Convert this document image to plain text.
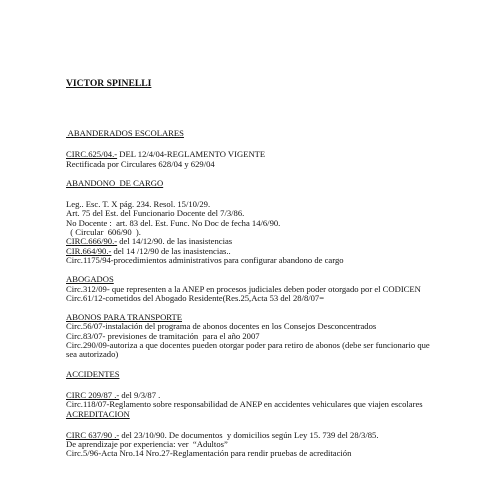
VICTOR SPINELLI
ABANDERADOS ESCOLARES
CIRC.625/04.- DEL 12/4/04-REGLAMENTO VIGENTE
Rectificada por Circulares 628/04 y 629/04
ABANDONO  DE CARGO
Leg.. Esc. T. X pág. 234. Resol. 15/10/29.
Art. 75 del Est. del Funcionario Docente del 7/3/86.
No Docente :  art. 83 del. Est. Func. No Doc de fecha 14/6/90.
( Circular  606/90  ).
CIRC.666/90.- del 14/12/90. de las inasistencias
CIR.664/90.- del 14 /12/90 de las inasistencias..
Circ.1175/94-procedimientos administrativos para configurar abandono de cargo
ABOGADOS
Circ.312/09- que representen a la ANEP en procesos judiciales deben poder otorgado por el CODICEN
Circ.61/12-cometidos del Abogado Residente(Res.25,Acta 53 del 28/8/07=
ABONOS PARA TRANSPORTE
Circ.56/07-instalación del programa de abonos docentes en los Consejos Desconcentrados
Circ.83/07- previsiones de tramitación  para el año 2007
Circ.290/09-autoriza a que docentes pueden otorgar poder para retiro de abonos (debe ser funcionario que sea autorizado)
ACCIDENTES
CIRC 209/87 .- del 9/3/87 .
Circ.118/07-Reglamento sobre responsabilidad de ANEP en accidentes vehiculares que viajen escolares
ACREDITACION
CIRC 637/90 .- del 23/10/90. De documentos  y domicilios según Ley 15. 739 del 28/3/85.
De aprendizaje por experiencia: ver  “Adultos”
Circ.5/96-Acta Nro.14 Nro.27-Reglamentación para rendir pruebas de acreditación
